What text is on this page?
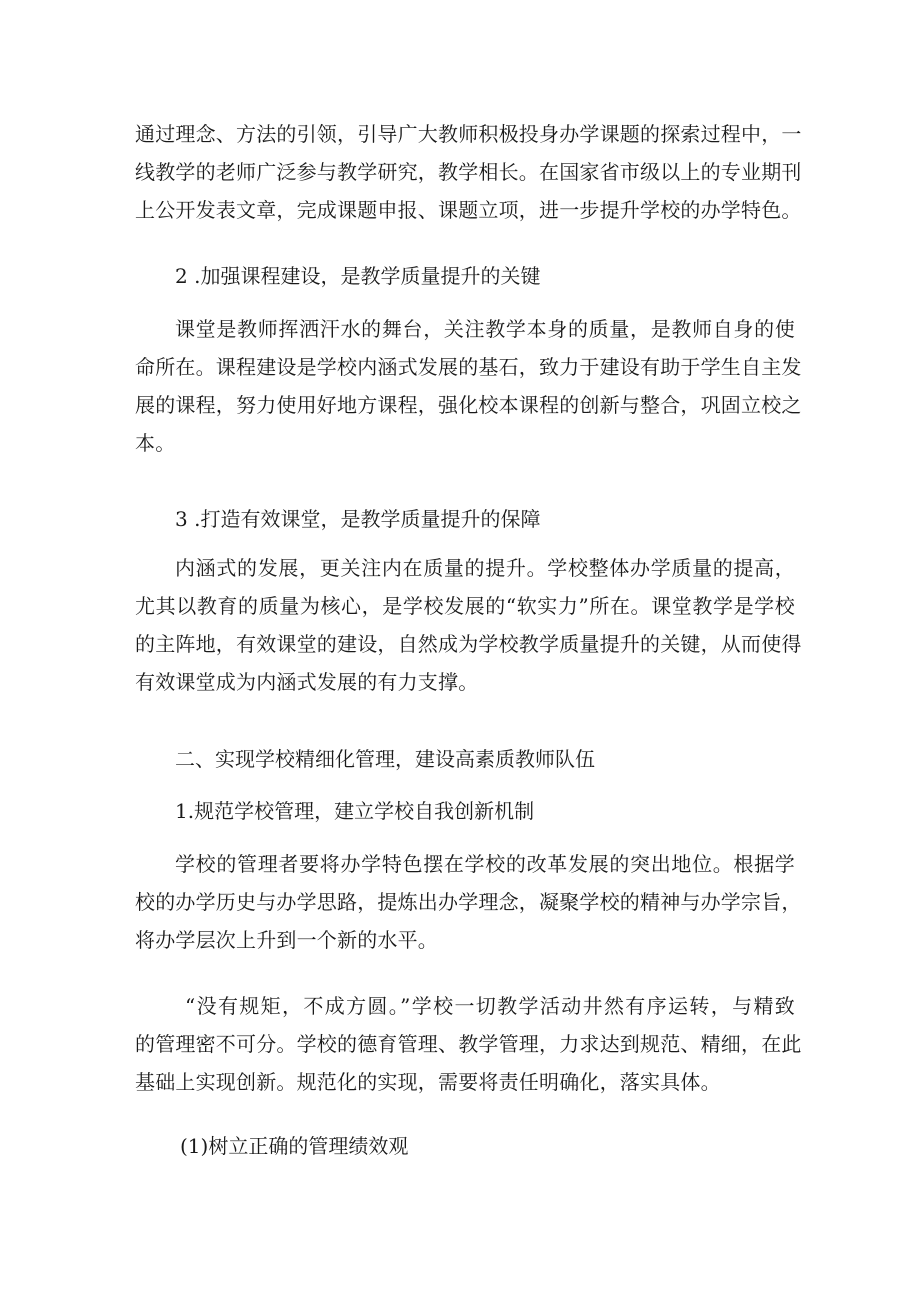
通过理念、方法的引领，引导广大教师积极投身办学课题的探索过程中，一
线教学的老师广泛参与教学研究，教学相长。在国家省市级以上的专业期刊
上公开发表文章，完成课题申报、课题立项，进一步提升学校的办学特色。

2 .加强课程建设，是教学质量提升的关键

课堂是教师挥洒汗水的舞台，关注教学本身的质量，是教师自身的使
命所在。课程建设是学校内涵式发展的基石，致力于建设有助于学生自主发
展的课程，努力使用好地方课程，强化校本课程的创新与整合，巩固立校之
本。

3 .打造有效课堂，是教学质量提升的保障

内涵式的发展，更关注内在质量的提升。学校整体办学质量的提高，
尤其以教育的质量为核心，是学校发展的“软实力”所在。课堂教学是学校
的主阵地，有效课堂的建设，自然成为学校教学质量提升的关键，从而使得
有效课堂成为内涵式发展的有力支撑。

二、实现学校精细化管理，建设高素质教师队伍

1.规范学校管理，建立学校自我创新机制

学校的管理者要将办学特色摆在学校的改革发展的突出地位。根据学
校的办学历史与办学思路，提炼出办学理念，凝聚学校的精神与办学宗旨，
将办学层次上升到一个新的水平。
“没有规矩，不成方圆。”学校一切教学活动井然有序运转，与精致
的管理密不可分。学校的德育管理、教学管理，力求达到规范、精细，在此
基础上实现创新。规范化的实现，需要将责任明确化，落实具体。

(1)树立正确的管理绩效观
